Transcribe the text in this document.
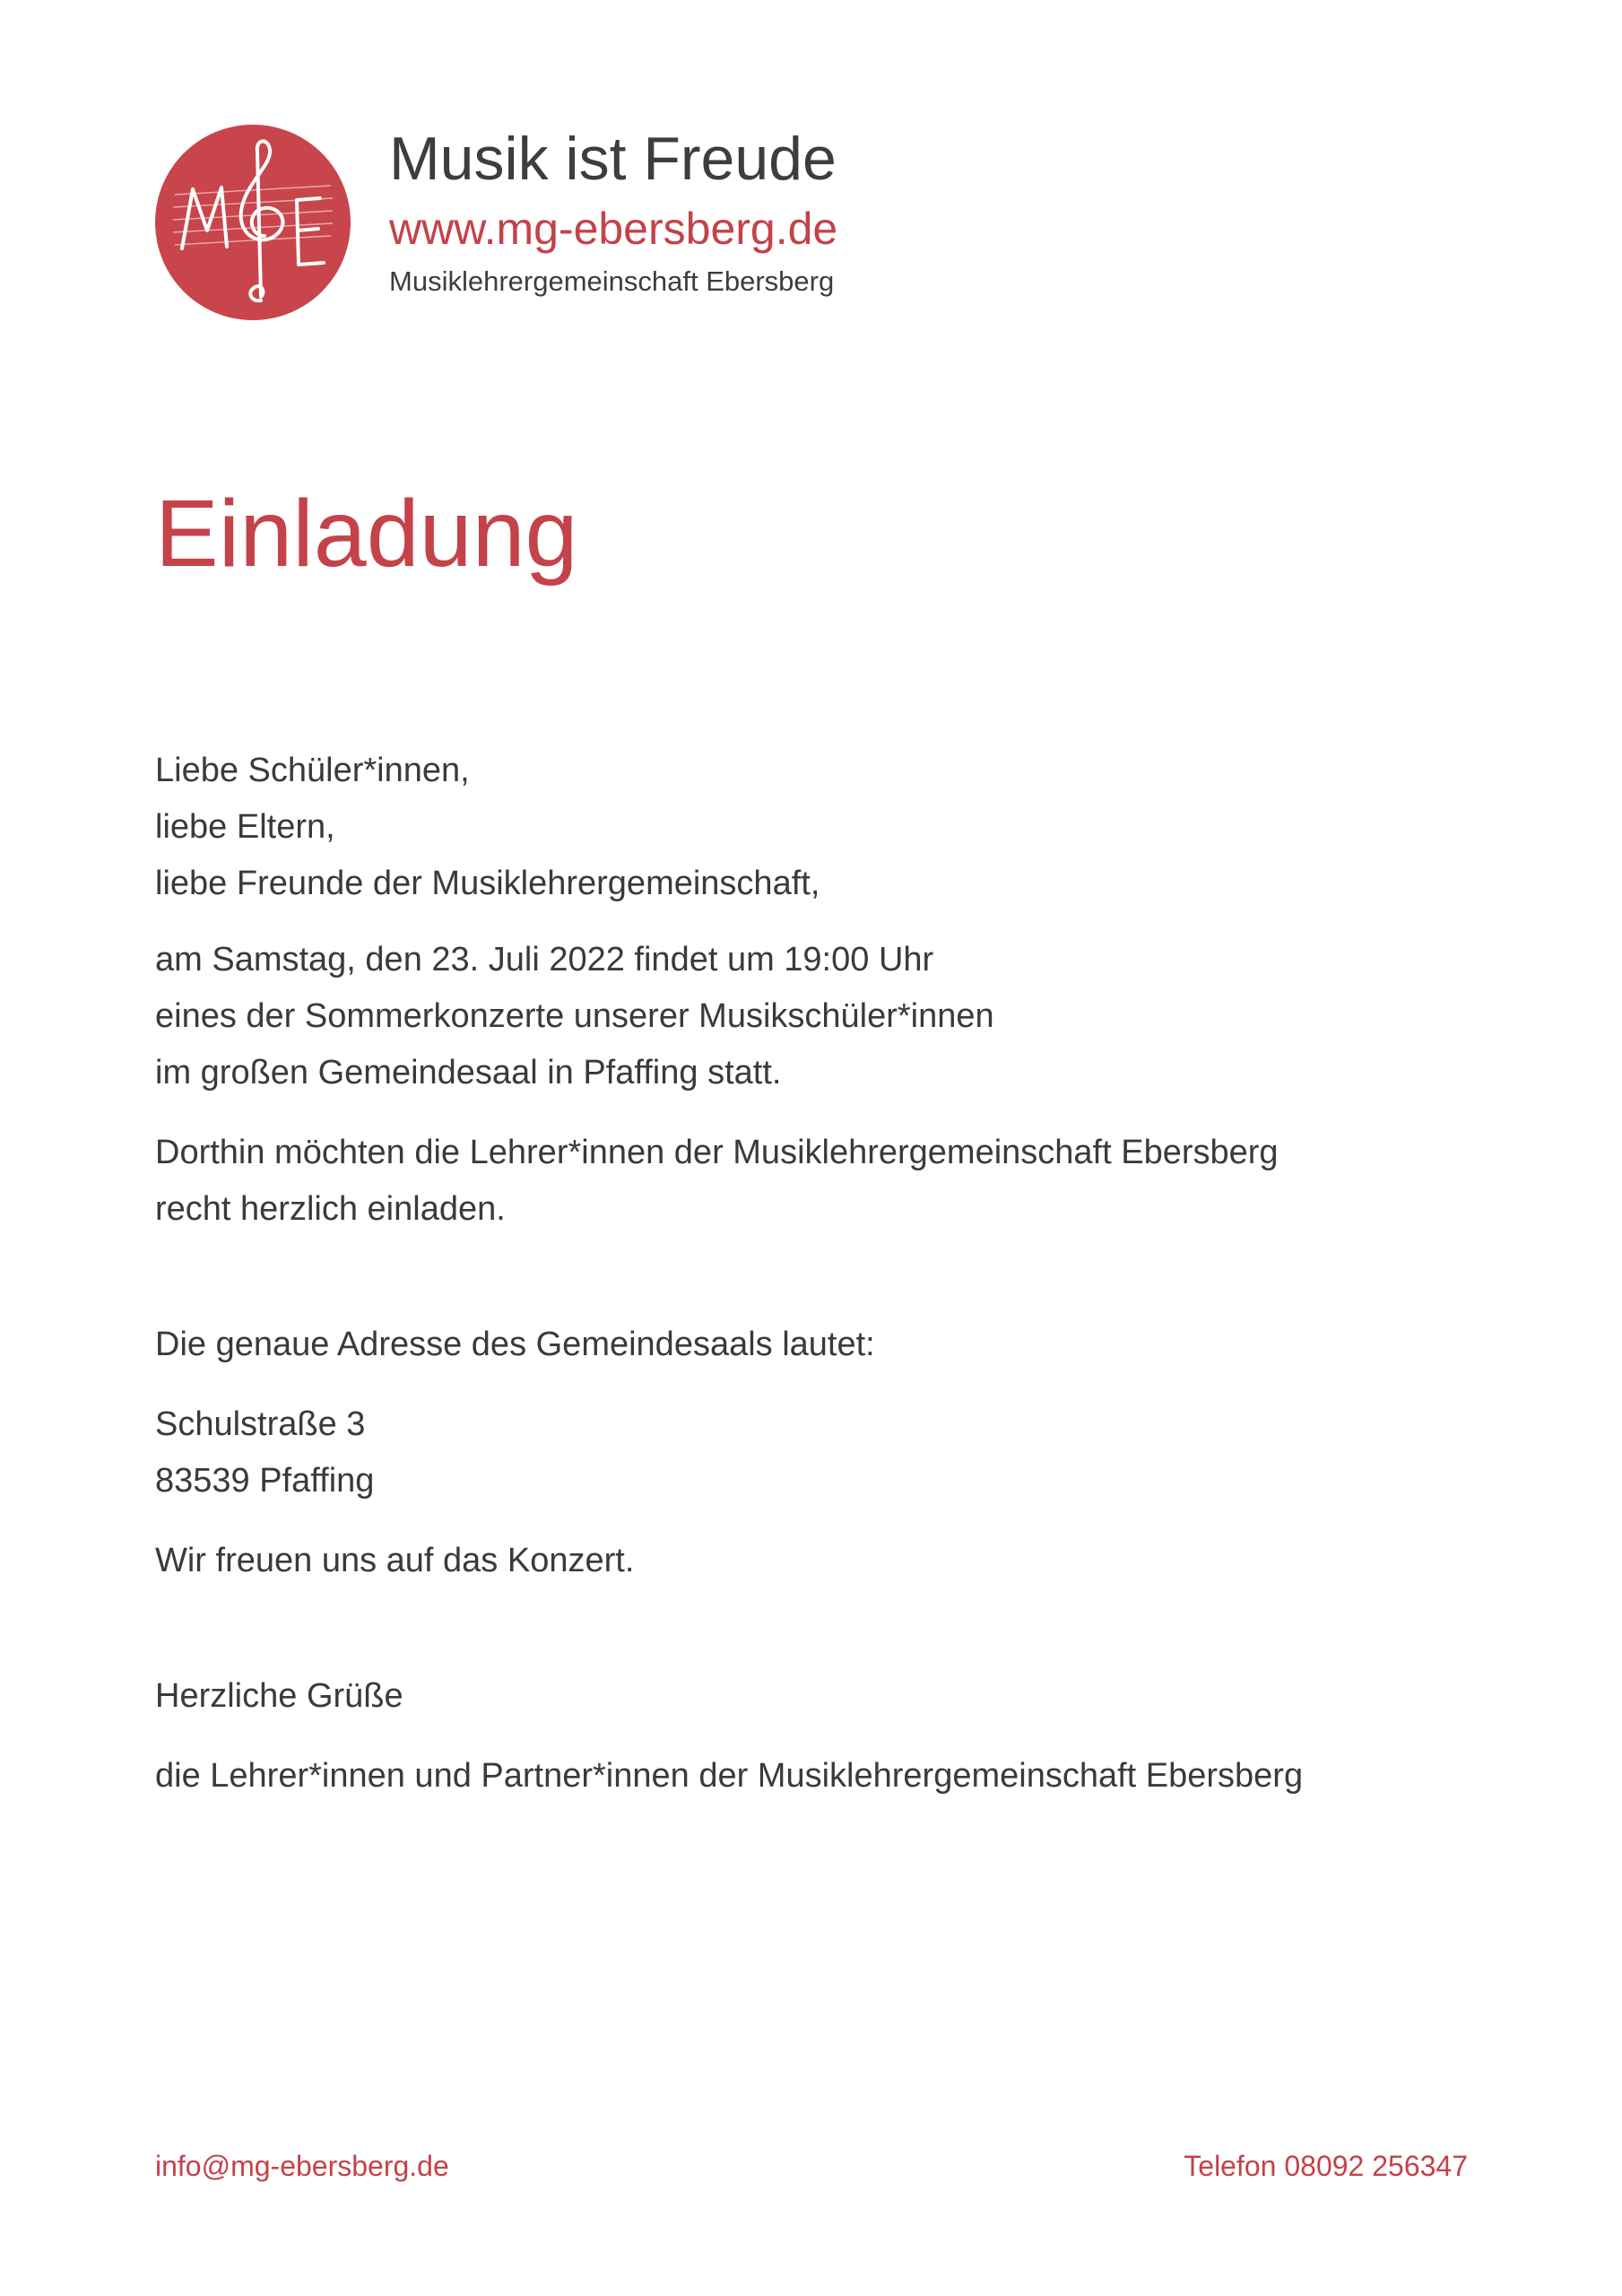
Musik ist Freude
www.mg-ebersberg.de
Musiklehrergemeinschaft Ebersberg
Einladung

Liebe Schüler*innen,

liebe Eltern,

liebe Freunde der Musiklehrergemeinschaft,

am Samstag, den 23. Juli 2022 findet um 19:00 Uhr
eines der Sommerkonzerte unserer Musikschüler*innen
im großen Gemeindesaal in Pfaffing statt.

Dorthin möchten die Lehrer*innen der Musiklehrergemeinschaft Ebersberg

recht herzlich einladen.

Die genaue Adresse des Gemeindesaals lautet:

Schulstraße 3

83539 Pfaffing

Wir freuen uns auf das Konzert.

Herzliche Grüße

die Lehrer*innen und Partner*innen der Musiklehrergemeinschaft Ebersberg

info@mg-ebersberg.de	Telefon 08092 256347
